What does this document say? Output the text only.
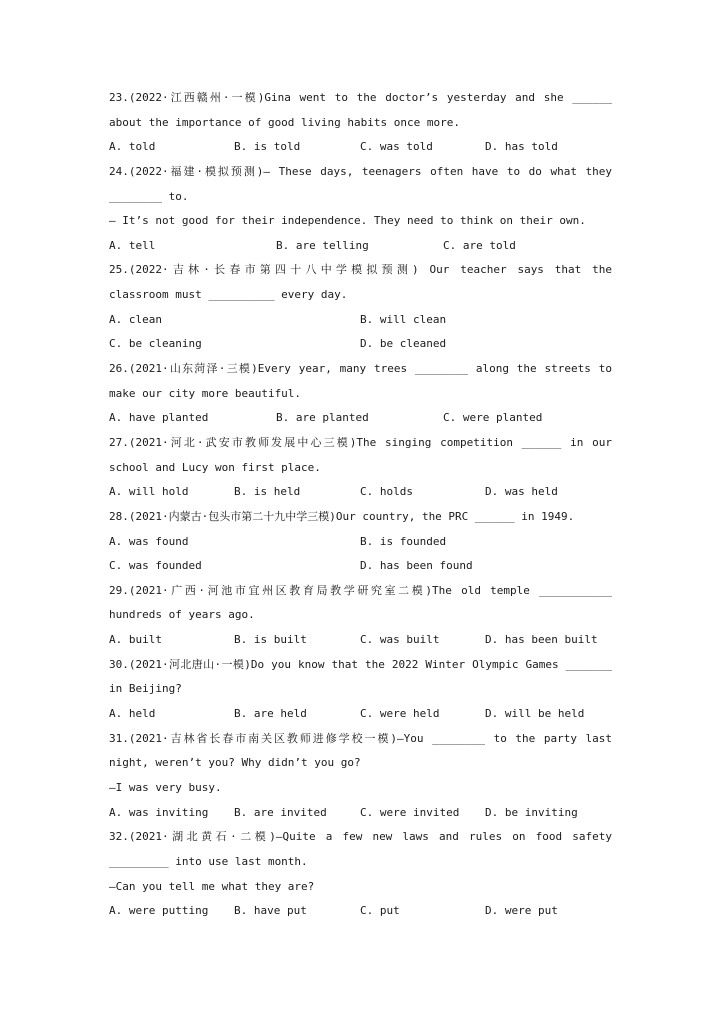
23.(2022·江西赣州·一模)Gina went to the doctor’s yesterday and she ______
about the importance of good living habits once more.
A. told	B. is told	C. was told	D. has told
24.(2022·福建·模拟预测)— These days, teenagers often have to do what they
________ to.
— It’s not good for their independence. They need to think on their own.
A. tell	B. are telling	C. are told
25.(2022·吉林·长春市第四十八中学模拟预测) Our teacher says that the
classroom must __________ every day.
A. clean	B. will clean
C. be cleaning	D. be cleaned
26.(2021·山东菏泽·三模)Every year, many trees ________ along the streets to
make our city more beautiful.
A. have planted	B. are planted	C. were planted
27.(2021·河北·武安市教师发展中心三模)The singing competition ______ in our
school and Lucy won first place.
A. will hold	B. is held	C. holds	D. was held
28.(2021·内蒙古·包头市第二十九中学三模)Our country, the PRC ______ in 1949.
A. was found	B. is founded
C. was founded	D. has been found
29.(2021·广西·河池市宜州区教育局教学研究室二模)The old temple ___________
hundreds of years ago.
A. built	B. is built	C. was built	D. has been built
30.(2021·河北唐山·一模)Do you know that the 2022 Winter Olympic Games _______
in Beijing?
A. held	B. are held	C. were held	D. will be held
31.(2021·吉林省长春市南关区教师进修学校一模)—You ________ to the party last
night, weren’t you? Why didn’t you go?
—I was very busy.
A. was inviting B. are invited	C. were invited D. be inviting
32.(2021·湖北黄石·二模)—Quite a few new laws and rules on food safety
_________ into use last month.
—Can you tell me what they are?
A. were putting B. have put	C. put	D. were put
